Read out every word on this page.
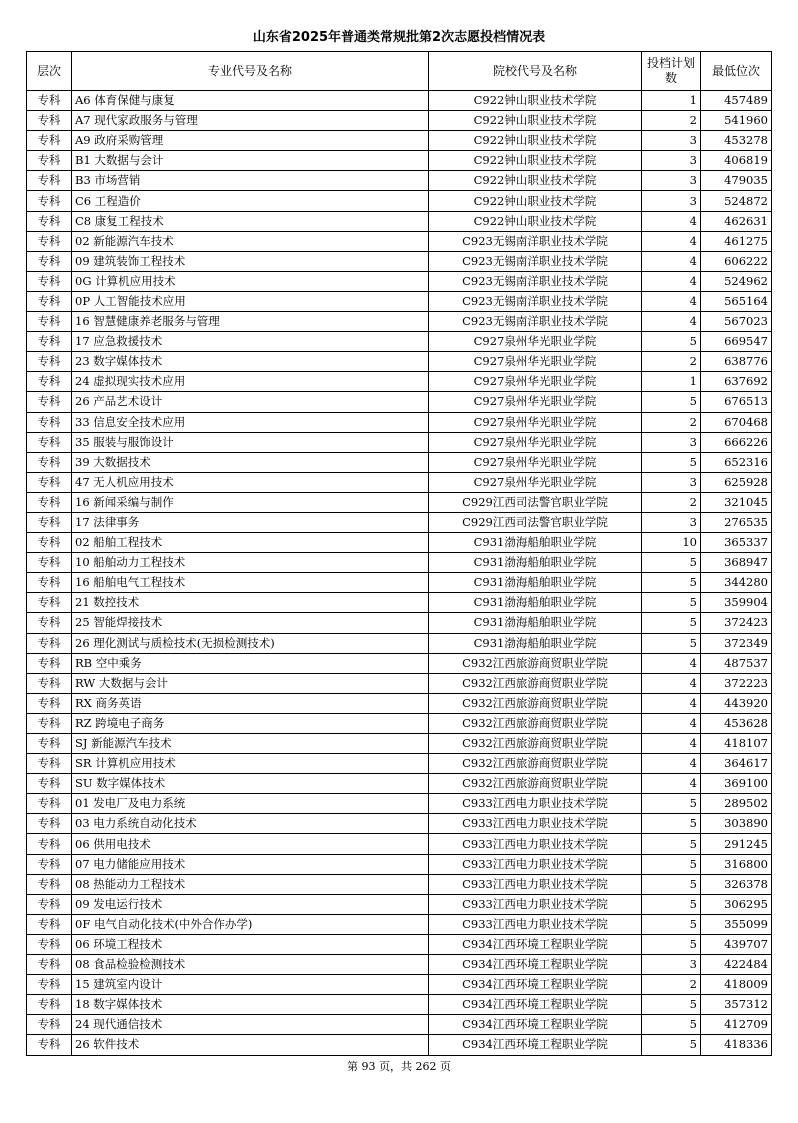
山东省2025年普通类常规批第2次志愿投档情况表
层次	专业代号及名称	院校代号及名称	投档计划数	最低位次
专科	A6 体育保健与康复	C922钟山职业技术学院	1	457489
专科	A7 现代家政服务与管理	C922钟山职业技术学院	2	541960
专科	A9 政府采购管理	C922钟山职业技术学院	3	453278
专科	B1 大数据与会计	C922钟山职业技术学院	3	406819
专科	B3 市场营销	C922钟山职业技术学院	3	479035
专科	C6 工程造价	C922钟山职业技术学院	3	524872
专科	C8 康复工程技术	C922钟山职业技术学院	4	462631
专科	02 新能源汽车技术	C923无锡南洋职业技术学院	4	461275
专科	09 建筑装饰工程技术	C923无锡南洋职业技术学院	4	606222
专科	0G 计算机应用技术	C923无锡南洋职业技术学院	4	524962
专科	0P 人工智能技术应用	C923无锡南洋职业技术学院	4	565164
专科	16 智慧健康养老服务与管理	C923无锡南洋职业技术学院	4	567023
专科	17 应急救援技术	C927泉州华光职业学院	5	669547
专科	23 数字媒体技术	C927泉州华光职业学院	2	638776
专科	24 虚拟现实技术应用	C927泉州华光职业学院	1	637692
专科	26 产品艺术设计	C927泉州华光职业学院	5	676513
专科	33 信息安全技术应用	C927泉州华光职业学院	2	670468
专科	35 服装与服饰设计	C927泉州华光职业学院	3	666226
专科	39 大数据技术	C927泉州华光职业学院	5	652316
专科	47 无人机应用技术	C927泉州华光职业学院	3	625928
专科	16 新闻采编与制作	C929江西司法警官职业学院	2	321045
专科	17 法律事务	C929江西司法警官职业学院	3	276535
专科	02 船舶工程技术	C931渤海船舶职业学院	10	365337
专科	10 船舶动力工程技术	C931渤海船舶职业学院	5	368947
专科	16 船舶电气工程技术	C931渤海船舶职业学院	5	344280
专科	21 数控技术	C931渤海船舶职业学院	5	359904
专科	25 智能焊接技术	C931渤海船舶职业学院	5	372423
专科	26 理化测试与质检技术(无损检测技术)	C931渤海船舶职业学院	5	372349
专科	RB 空中乘务	C932江西旅游商贸职业学院	4	487537
专科	RW 大数据与会计	C932江西旅游商贸职业学院	4	372223
专科	RX 商务英语	C932江西旅游商贸职业学院	4	443920
专科	RZ 跨境电子商务	C932江西旅游商贸职业学院	4	453628
专科	SJ 新能源汽车技术	C932江西旅游商贸职业学院	4	418107
专科	SR 计算机应用技术	C932江西旅游商贸职业学院	4	364617
专科	SU 数字媒体技术	C932江西旅游商贸职业学院	4	369100
专科	01 发电厂及电力系统	C933江西电力职业技术学院	5	289502
专科	03 电力系统自动化技术	C933江西电力职业技术学院	5	303890
专科	06 供用电技术	C933江西电力职业技术学院	5	291245
专科	07 电力储能应用技术	C933江西电力职业技术学院	5	316800
专科	08 热能动力工程技术	C933江西电力职业技术学院	5	326378
专科	09 发电运行技术	C933江西电力职业技术学院	5	306295
专科	0F 电气自动化技术(中外合作办学)	C933江西电力职业技术学院	5	355099
专科	06 环境工程技术	C934江西环境工程职业学院	5	439707
专科	08 食品检验检测技术	C934江西环境工程职业学院	3	422484
专科	15 建筑室内设计	C934江西环境工程职业学院	2	418009
专科	18 数字媒体技术	C934江西环境工程职业学院	5	357312
专科	24 现代通信技术	C934江西环境工程职业学院	5	412709
专科	26 软件技术	C934江西环境工程职业学院	5	418336
第 93 页，共 262 页
